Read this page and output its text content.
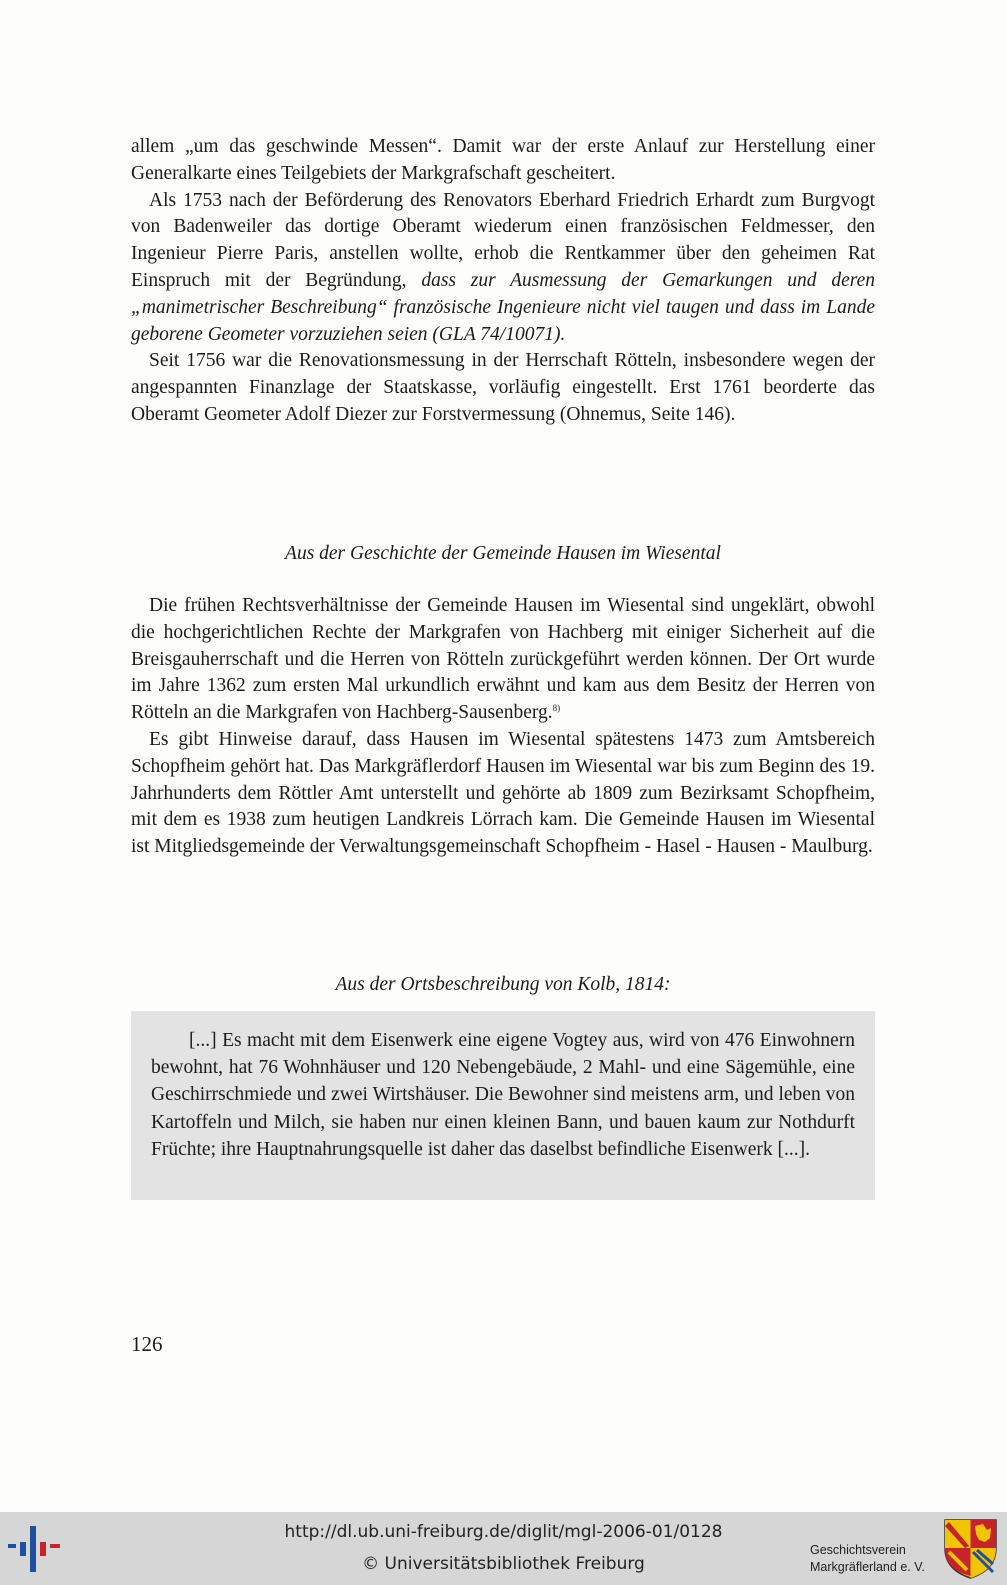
allem „um das geschwinde Messen“. Damit war der erste Anlauf zur Herstellung einer Generalkarte eines Teilgebiets der Markgrafschaft gescheitert.

Als 1753 nach der Beförderung des Renovators Eberhard Friedrich Erhardt zum Burgvogt von Badenweiler das dortige Oberamt wiederum einen französischen Feldmesser, den Ingenieur Pierre Paris, anstellen wollte, erhob die Rentkammer über den geheimen Rat Einspruch mit der Begründung, dass zur Ausmessung der Gemarkungen und deren „manimetrischer Beschreibung“ französische Ingenieure nicht viel taugen und dass im Lande geborene Geometer vorzuziehen seien (GLA 74/10071).

Seit 1756 war die Renovationsmessung in der Herrschaft Rötteln, insbesondere wegen der angespannten Finanzlage der Staatskasse, vorläufig eingestellt. Erst 1761 beorderte das Oberamt Geometer Adolf Diezer zur Forstvermessung (Ohnemus, Seite 146).

Aus der Geschichte der Gemeinde Hausen im Wiesental

Die frühen Rechtsverhältnisse der Gemeinde Hausen im Wiesental sind ungeklärt, obwohl die hochgerichtlichen Rechte der Markgrafen von Hachberg mit einiger Sicherheit auf die Breisgauherrschaft und die Herren von Rötteln zurückgeführt werden können. Der Ort wurde im Jahre 1362 zum ersten Mal urkundlich erwähnt und kam aus dem Besitz der Herren von Rötteln an die Markgrafen von Hachberg-Sausenberg.$^{8)}$

Es gibt Hinweise darauf, dass Hausen im Wiesental spätestens 1473 zum Amtsbereich Schopfheim gehört hat. Das Markgräflerdorf Hausen im Wiesental war bis zum Beginn des 19. Jahrhunderts dem Röttler Amt unterstellt und gehörte ab 1809 zum Bezirksamt Schopfheim, mit dem es 1938 zum heutigen Landkreis Lörrach kam. Die Gemeinde Hausen im Wiesental ist Mitgliedsgemeinde der Verwaltungsgemeinschaft Schopfheim - Hasel - Hausen - Maulburg.

Aus der Ortsbeschreibung von Kolb, 1814:

[...] Es macht mit dem Eisenwerk eine eigene Vogtey aus, wird von 476 Einwohnern bewohnt, hat 76 Wohnhäuser und 120 Nebengebäude, 2 Mahl- und eine Sägemühle, eine Geschirrschmiede und zwei Wirtshäuser. Die Bewohner sind meistens arm, und leben von Kartoffeln und Milch, sie haben nur einen kleinen Bann, und bauen kaum zur Nothdurft Früchte; ihre Hauptnahrungsquelle ist daher das daselbst befindliche Eisenwerk [...].

126
http://dl.ub.uni-freiburg.de/diglit/mgl-2006-01/0128
© Universitätsbibliothek Freiburg
Geschichtsverein
Markgräflerland e. V.
